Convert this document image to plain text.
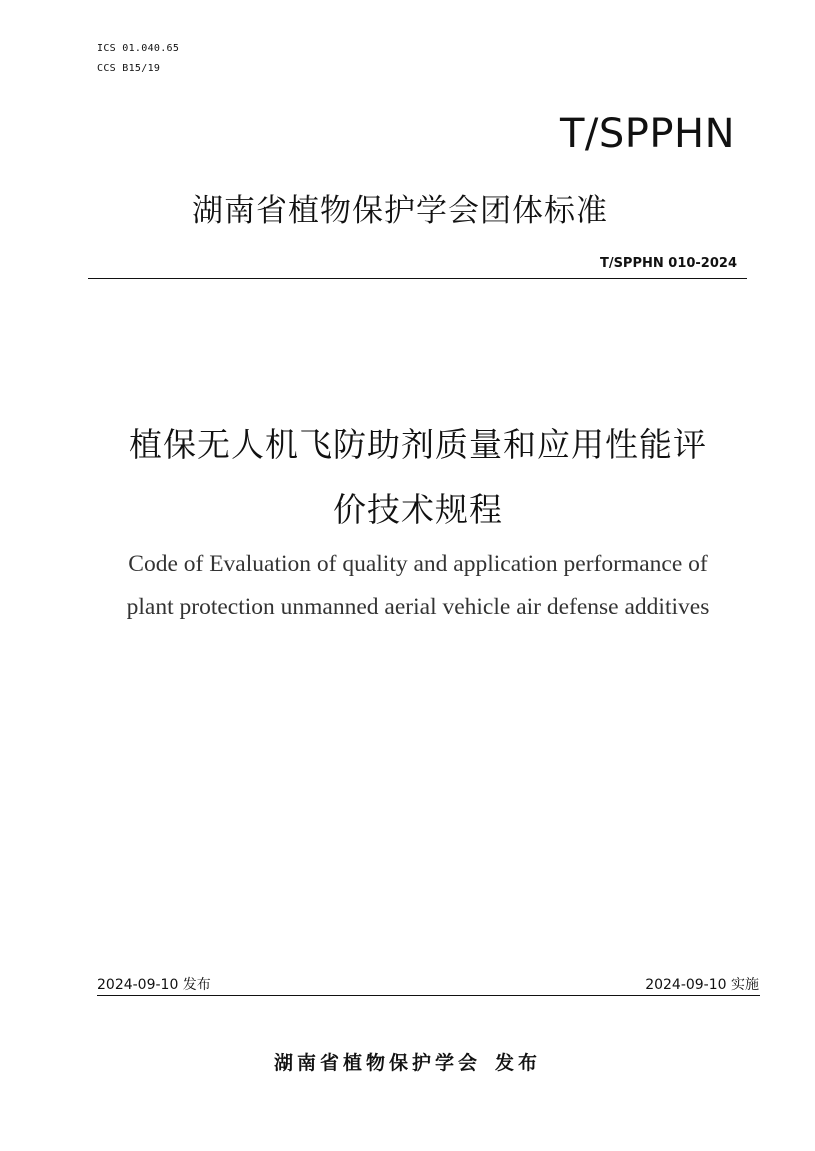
ICS 01.040.65
CCS B15/19
T/SPPHN
湖南省植物保护学会团体标准
T/SPPHN 010-2024
植保无人机飞防助剂质量和应用性能评
价技术规程
Code of Evaluation of quality and application performance of
plant protection unmanned aerial vehicle air defense additives
2024-09-10 发布	2024-09-10 实施
湖南省植物保护学会 发布
